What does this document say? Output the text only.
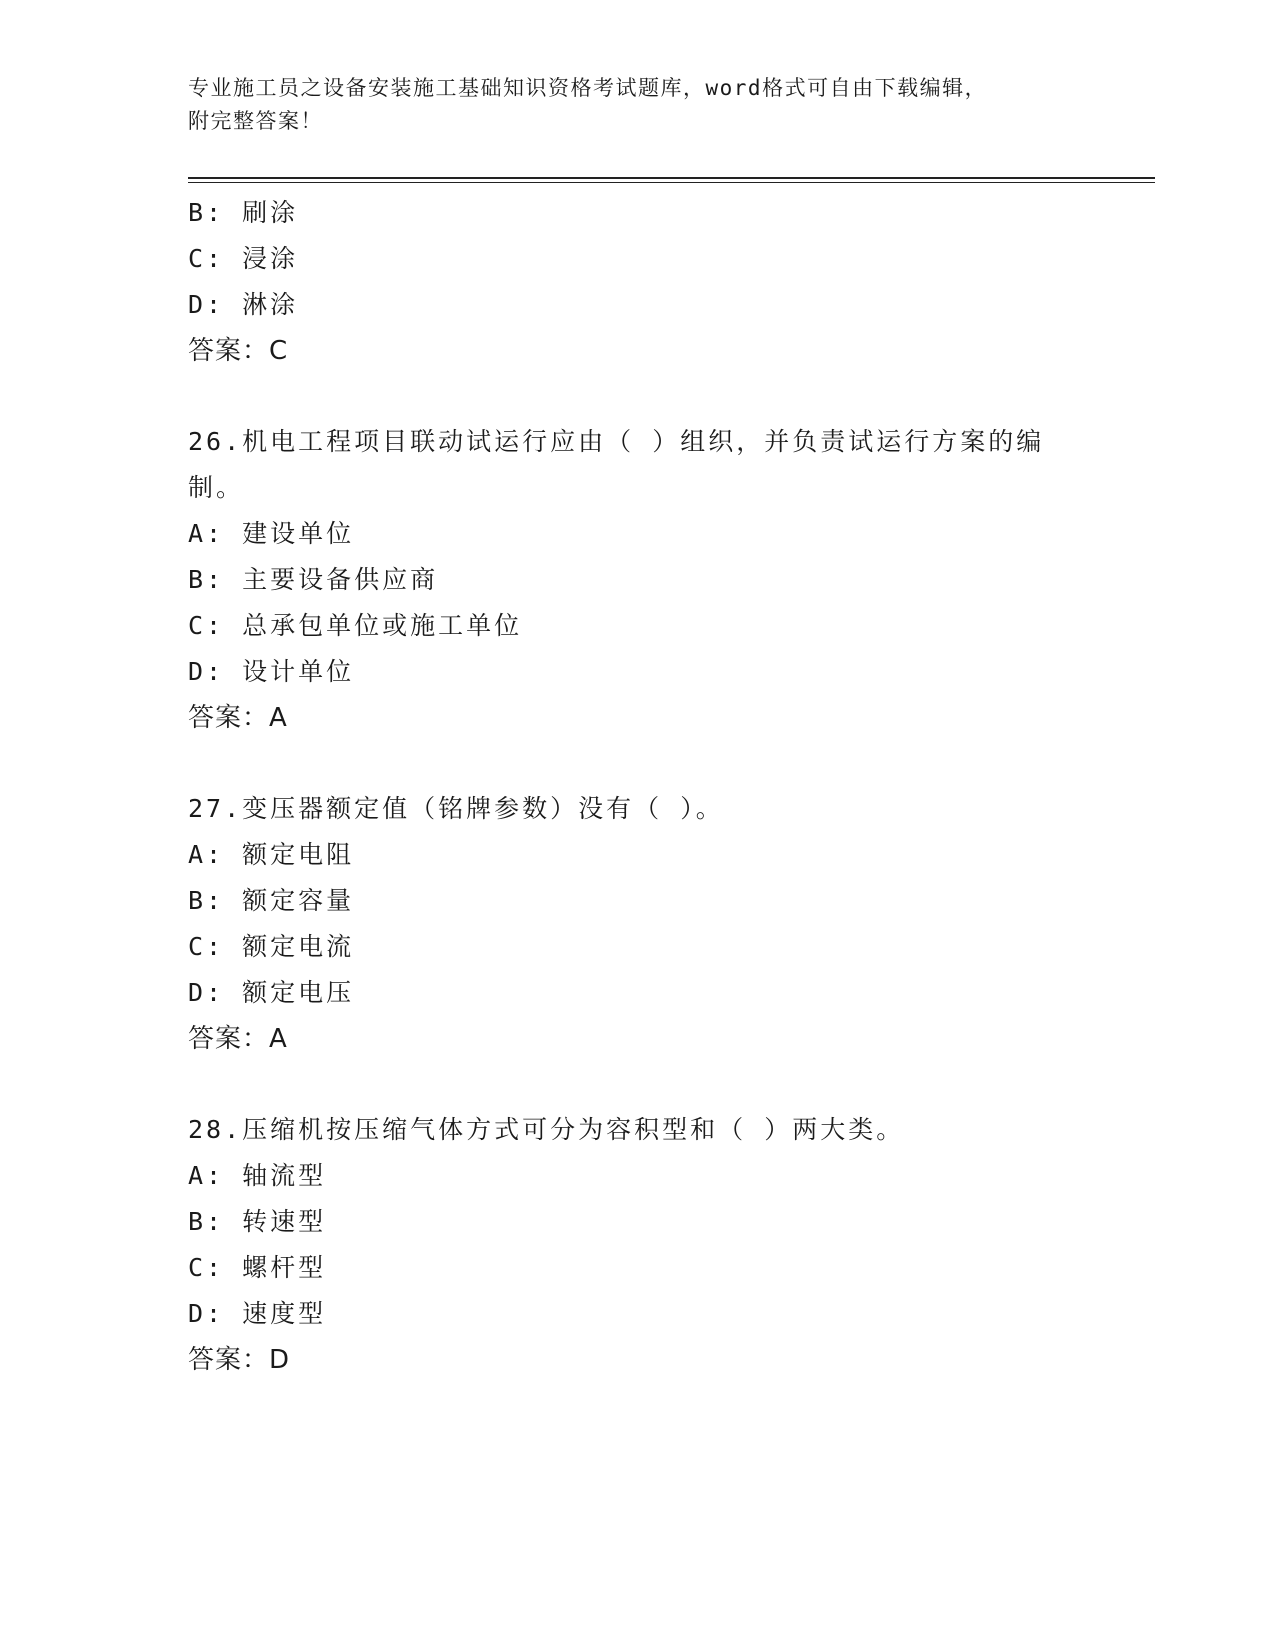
专业施工员之设备安装施工基础知识资格考试题库，word格式可自由下载编辑，
附完整答案！
B: 刷涂
C: 浸涂
D: 淋涂
答案：C
26.机电工程项目联动试运行应由（ ）组织，并负责试运行方案的编
制。
A: 建设单位
B: 主要设备供应商
C: 总承包单位或施工单位
D: 设计单位
答案：A
27.变压器额定值（铭牌参数）没有（ ）。
A: 额定电阻
B: 额定容量
C: 额定电流
D: 额定电压
答案：A
28.压缩机按压缩气体方式可分为容积型和（ ）两大类。
A: 轴流型
B: 转速型
C: 螺杆型
D: 速度型
答案：D
